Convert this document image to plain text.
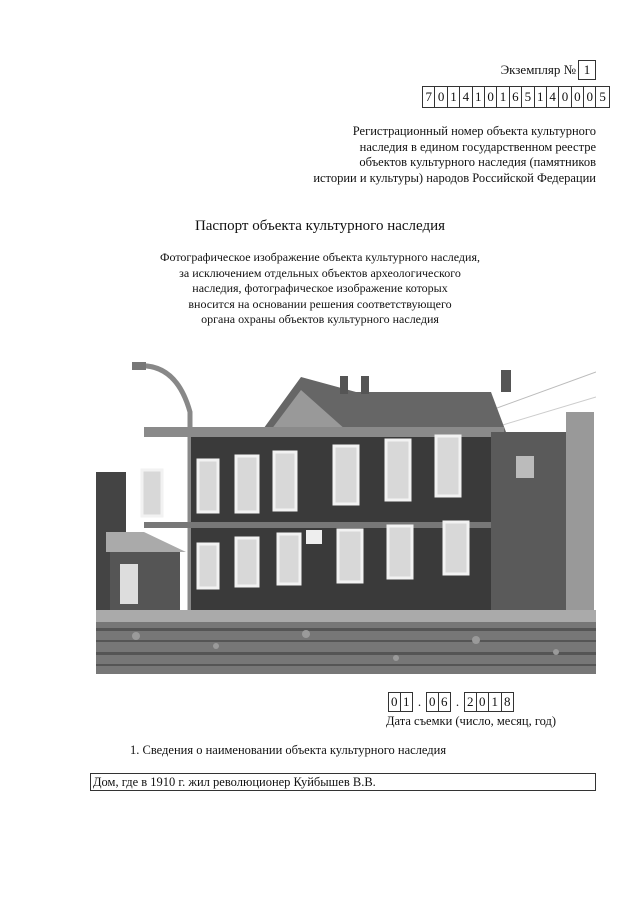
Экземпляр № 1
7 0 1 4 1 0 1 6 5 1 4 0 0 0 5
Регистрационный номер объекта культурного
наследия в едином государственном реестре
объектов культурного наследия (памятников
истории и культуры) народов Российской Федерации
Паспорт объекта культурного наследия
Фотографическое изображение объекта культурного наследия,
за исключением отдельных объектов археологического
наследия, фотографическое изображение которых
вносится на основании решения соответствующего
органа охраны объектов культурного наследия
0 1 . 0 6 . 2 0 1 8
Дата съемки (число, месяц, год)
1. Сведения о наименовании объекта культурного наследия
Дом, где в 1910 г. жил революционер Куйбышев В.В.
